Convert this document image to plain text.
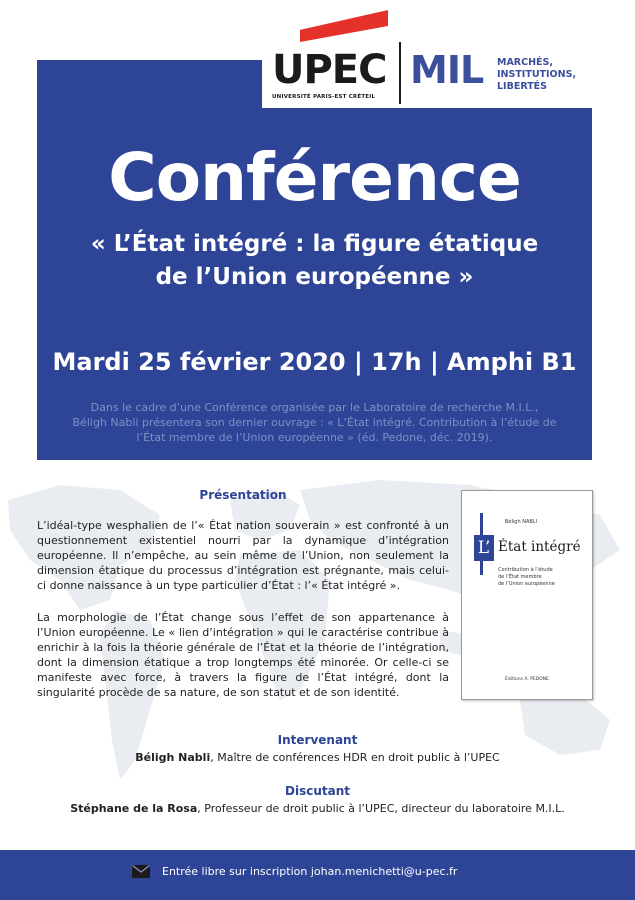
UPEC
UNIVERSITÉ PARIS-EST CRÉTEIL
MIL MARCHÉS,
INSTITUTIONS,
LIBERTÉS
Conférence
« L’État intégré : la figure étatique
de l’Union européenne »
Mardi 25 février 2020 | 17h | Amphi B1
Dans le cadre d’une Conférence organisée par le Laboratoire de recherche M.I.L.,
Béligh Nabli présentera son dernier ouvrage : « L’État intégré. Contribution à l’étude de
l’État membre de l’Union européenne » (éd. Pedone, déc. 2019).
Présentation

L’idéal-type wesphalien de l’« État nation souverain » est confronté à un questionnement existentiel nourri par la dynamique d’intégration européenne. Il n’empêche, au sein même de l’Union, non seulement la dimension étatique du processus d’intégration est prégnante, mais celui-ci donne naissance à un type particulier d’État : l’« État intégré ».

La morphologie de l’État change sous l’effet de son appartenance à l’Union européenne. Le « lien d’intégration » qui le caractérise contribue à enrichir à la fois la théorie générale de l’État et la théorie de l’intégration, dont la dimension étatique a trop longtemps été minorée. Or celle-ci se manifeste avec force, à travers la figure de l’État intégré, dont la singularité procède de sa nature, de son statut et de son identité.

Béligh NABLI
L’ État intégré
Contribution à l’étude
de l’État membre
de l’Union européenne
Éditions A. PEDONE
Intervenant
Béligh Nabli, Maître de conférences HDR en droit public à l’UPEC
Discutant
Stéphane de la Rosa, Professeur de droit public à l’UPEC, directeur du laboratoire M.I.L.
Entrée libre sur inscription johan.menichetti@u-pec.fr
